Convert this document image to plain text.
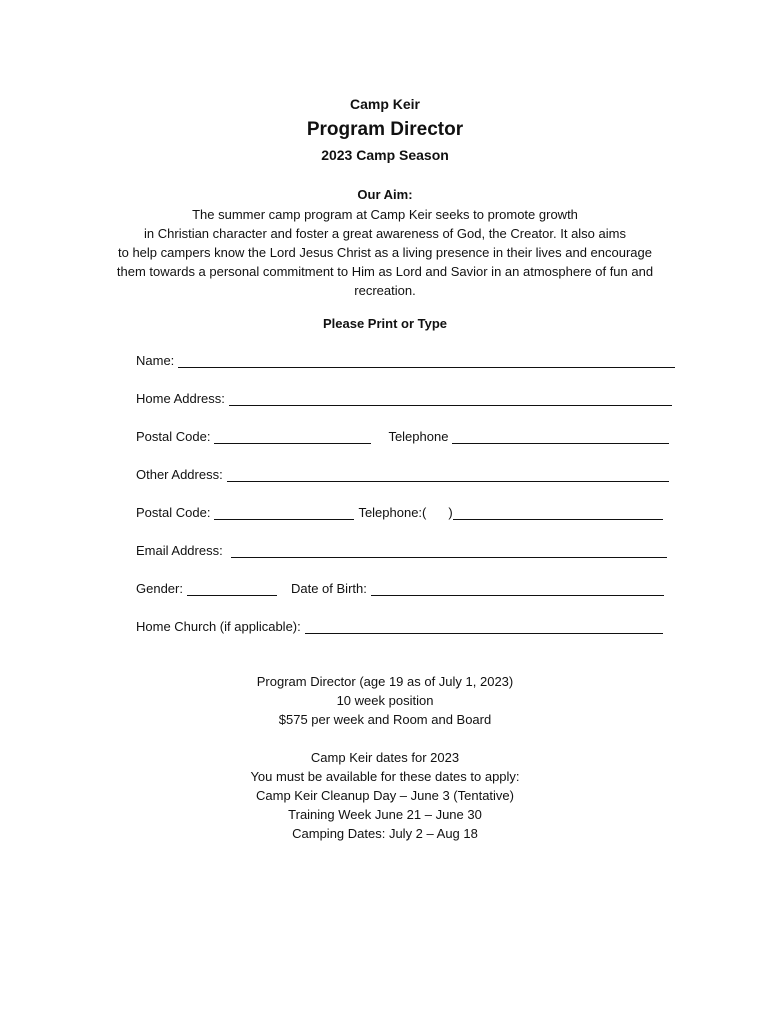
Camp Keir
Program Director
2023 Camp Season
Our Aim:
The summer camp program at Camp Keir seeks to promote growth
in Christian character and foster a great awareness of God, the Creator. It also aims
to help campers know the Lord Jesus Christ as a living presence in their lives and encourage
them towards a personal commitment to Him as Lord and Savior in an atmosphere of fun and
recreation.
Please Print or Type
Name:
Home Address:
Postal Code:	Telephone
Other Address:
Postal Code:	Telephone:( )
Email Address:
Gender:	Date of Birth:
Home Church (if applicable):
Program Director (age 19 as of July 1, 2023)
10 week position
$575 per week and Room and Board
Camp Keir dates for 2023
You must be available for these dates to apply:
Camp Keir Cleanup Day – June 3 (Tentative)
Training Week June 21 – June 30
Camping Dates: July 2 – Aug 18
